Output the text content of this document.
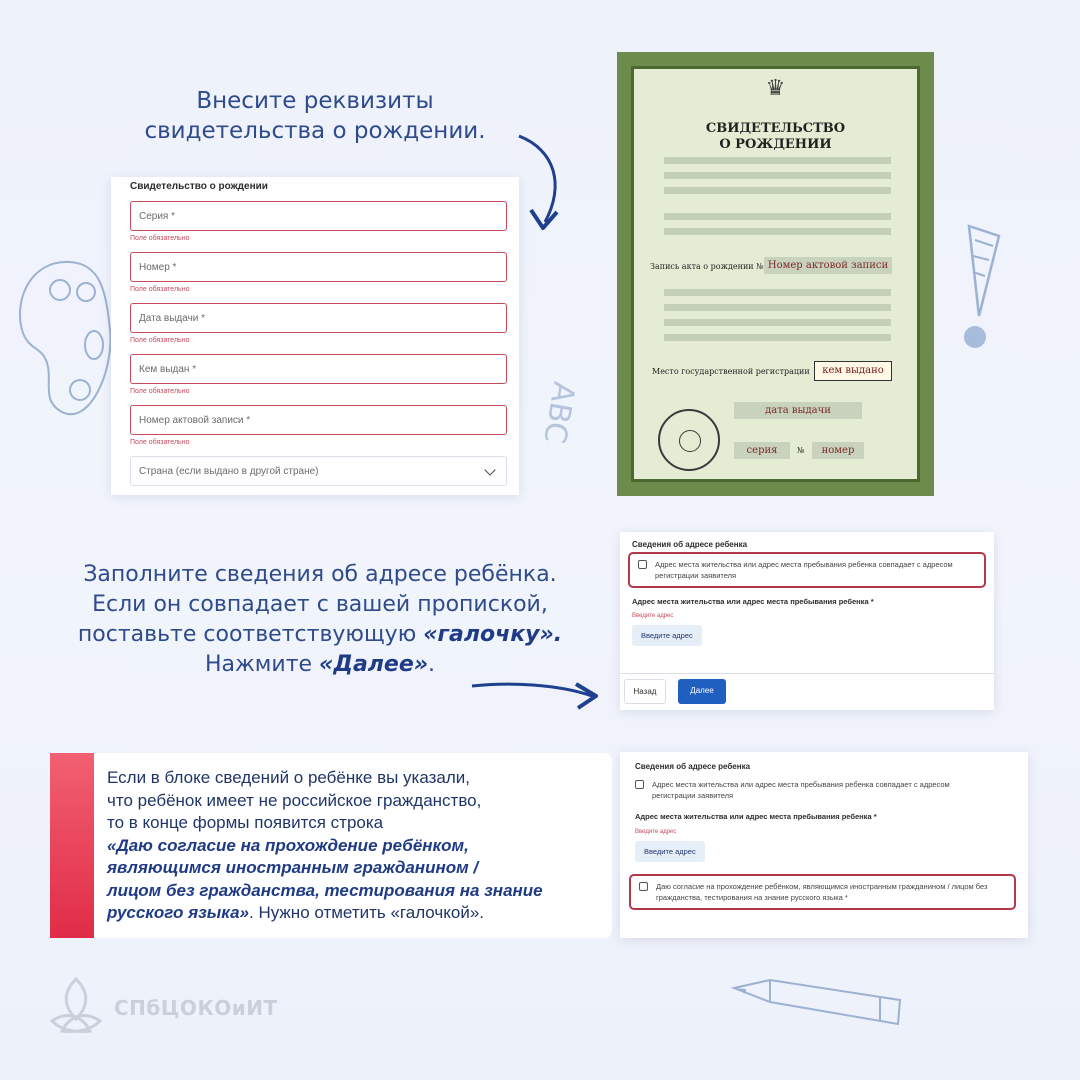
ABC
Внесите реквизиты
свидетельства о рождении.
Свидетельство о рождении
Серия *
Поле обязательно
Номер *
Поле обязательно
Дата выдачи *
Поле обязательно
Кем выдан *
Поле обязательно
Номер актовой записи *
Поле обязательно
Страна (если выдано в другой стране)
♛
СВИДЕТЕЛЬСТВО
О РОЖДЕНИИ
Запись акта о рождении № Номер актовой записи
Место государственной регистрации	кем выдано
дата выдачи
серия	№	номер
Заполните сведения об адресе ребёнка.
Если он совпадает с вашей пропиской,
поставьте соответствующую «галочку».
Нажмите «Далее».
Сведения об адресе ребенка
Адрес места жительства или адрес места пребывания ребенка совпадает с адресом регистрации заявителя
Адрес места жительства или адрес места пребывания ребенка *
Введите адрес
Введите адрес
Назад	Далее
Если в блоке сведений о ребёнке вы указали,
что ребёнок имеет не российское гражданство,
то в конце формы появится строка
«Даю согласие на прохождение ребёнком,
являющимся иностранным гражданином /
лицом без гражданства, тестирования на знание
русского языка». Нужно отметить «галочкой».
Сведения об адресе ребенка
Адрес места жительства или адрес места пребывания ребенка совпадает с адресом регистрации заявителя
Адрес места жительства или адрес места пребывания ребенка *
Введите адрес
Введите адрес
Даю согласие на прохождение ребёнком, являющимся иностранным гражданином / лицом без гражданства, тестирования на знание русского языка *
СПбЦОКОиИТ
